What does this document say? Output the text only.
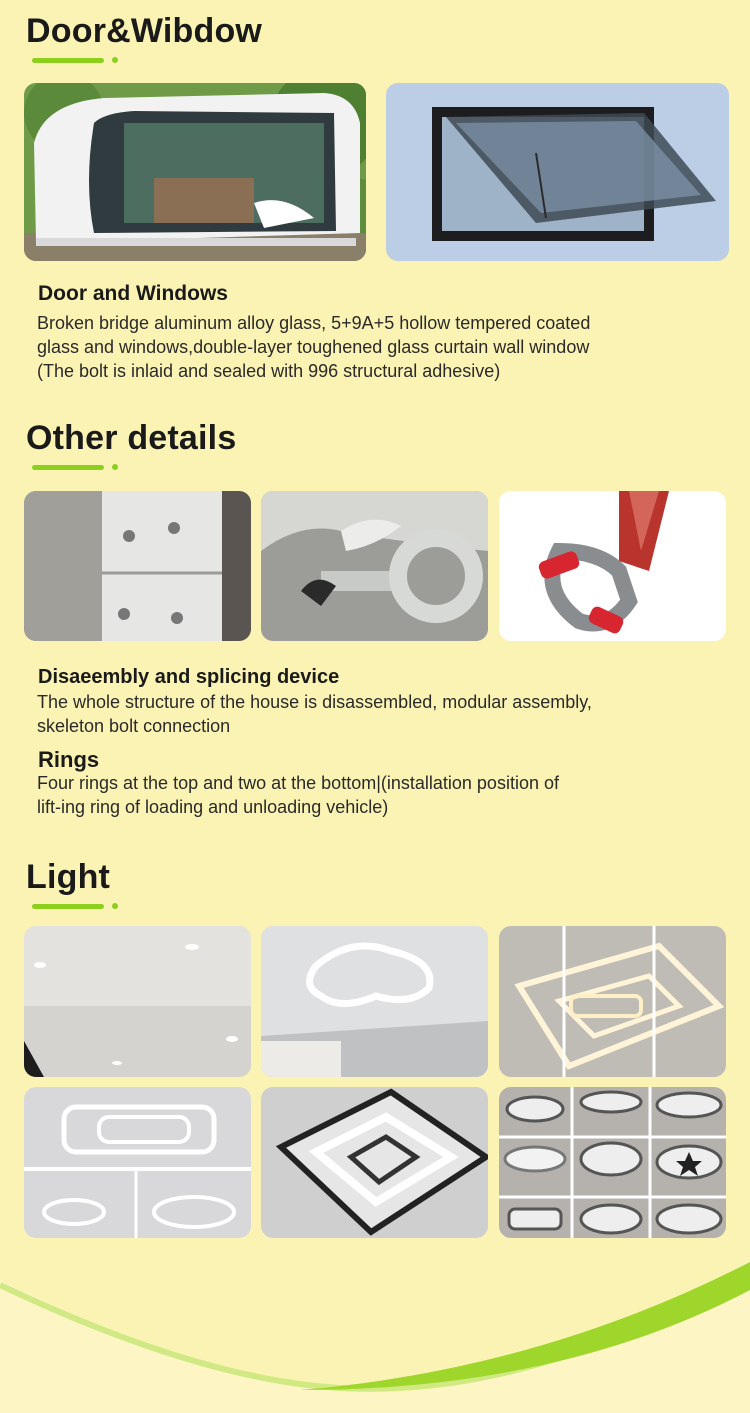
Door&Wibdow
Door and Windows
Broken bridge aluminum alloy glass, 5+9A+5 hollow tempered coated
glass and windows,double-layer toughened glass curtain wall window
(The bolt is inlaid and sealed with 996 structural adhesive)
Other details
Disaeembly and splicing device
The whole structure of the house is disassembled, modular assembly,
skeleton bolt connection
Rings
Four rings at the top and two at the bottom|(installation position of
lift-ing ring of loading and unloading vehicle)
Light
